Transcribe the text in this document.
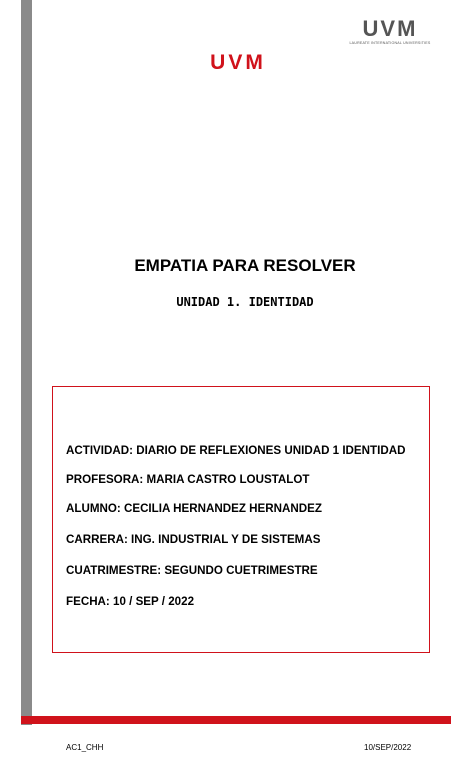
UVM
LAUREATE INTERNATIONAL UNIVERSITIES
UVM
EMPATIA PARA RESOLVER
UNIDAD 1. IDENTIDAD
ACTIVIDAD: DIARIO DE REFLEXIONES UNIDAD 1 IDENTIDAD
PROFESORA: MARIA CASTRO LOUSTALOT
ALUMNO: CECILIA HERNANDEZ HERNANDEZ
CARRERA: ING. INDUSTRIAL Y DE SISTEMAS
CUATRIMESTRE: SEGUNDO CUETRIMESTRE
FECHA: 10 / SEP / 2022
AC1_CHH	10/SEP/2022
